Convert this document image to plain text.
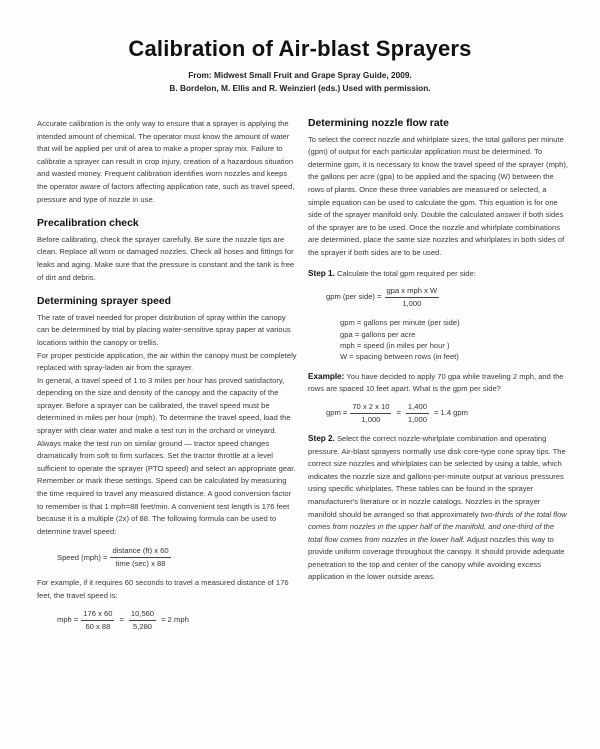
Calibration of Air-blast Sprayers
From: Midwest Small Fruit and Grape Spray Guide, 2009.
B. Bordelon, M. Ellis and R. Weinzierl (eds.) Used with permission.

Accurate calibration is the only way to ensure that a sprayer is applying the intended amount of chemical. The operator must know the amount of water that will be applied per unit of area to make a proper spray mix. Failure to calibrate a sprayer can result in crop injury, creation of a hazardous situation and wasted money. Frequent calibration identifies worn nozzles and keeps the operator aware of factors affecting application rate, such as travel speed, pressure and type of nozzle in use.

Precalibration check

Before calibrating, check the sprayer carefully. Be sure the nozzle tips are clean. Replace all worn or damaged nozzles. Check all hoses and fittings for leaks and aging. Make sure that the pressure is constant and the tank is free of dirt and debris.

Determining sprayer speed

The rate of travel needed for proper distribution of spray within the canopy can be determined by trial by placing water-sensitive spray paper at various locations within the canopy or trellis.

For proper pesticide application, the air within the canopy must be completely replaced with spray-laden air from the sprayer.

In general, a travel speed of 1 to 3 miles per hour has proved satisfactory, depending on the size and density of the canopy and the capacity of the sprayer. Before a sprayer can be calibrated, the travel speed must be determined in miles per hour (mph). To determine the travel speed, load the sprayer with clear water and make a test run in the orchard or vineyard. Always make the test run on similar ground — tractor speed changes dramatically from soft to firm surfaces. Set the tractor throttle at a level sufficient to operate the sprayer (PTO speed) and select an appropriate gear. Remember or mark these settings. Speed can be calculated by measuring the time required to travel any measured distance. A good conversion factor to remember is that 1 mph=88 feet/min. A convenient test length is 176 feet because it is a multiple (2x) of 88. The following formula can be used to determine travel speed:

Speed $(mph) = \frac{\text{distance (ft) x 60}}{\text{time (sec) x 88}}$

For example, if it requires 60 seconds to travel a measured distance of 176 feet, the travel speed is:

mph = $\frac{176 x 60}{60 x 88} = \frac{10,560}{5,280} = 2$ mph
Determining nozzle flow rate

To select the correct nozzle and whirlplate sizes, the total gallons per minute (gpm) of output for each particular application must be determined. To determine gpm, it is necessary to know the travel speed of the sprayer (mph), the gallons per acre (gpa) to be applied and the spacing (W) between the rows of plants. Once these three variables are measured or selected, a simple equation can be used to calculate the gpm. This equation is for one side of the sprayer manifold only. Double the calculated answer if both sides of the sprayer are to be used. Once the nozzle and whirlplate combinations are determined, place the same size nozzles and whirlplates in both sides of the sprayer if both sides are to be used.

Step 1. Calculate the total gpm required per side:

gpm (per side) = $\frac{\text{gpa x mph x W}}{1,000}$
gpm = gallons per minute (per side)
gpa = gallons per acre
mph = speed (in miles per hour )
W = spacing between rows (in feet)

Example: You have decided to apply 70 gpa while traveling 2 mph, and the rows are spaced 10 feet apart. What is the gpm per side?

gpm = $\frac{70 x 2 x 10}{1,000} = \frac{1,400}{1,000} = 1.4$ gpm

Step 2. Select the correct nozzle-whirlplate combination and operating pressure. Air-blast sprayers normally use disk-core-type cone spray tips. The correct size nozzles and whirlplates can be selected by using a table, which indicates the nozzle size and gallons-per-minute output at various pressures using specific whirlplates. These tables can be found in the sprayer manufacturer's literature or in nozzle catalogs. Nozzles in the sprayer manifold should be arranged so that approximately two-thirds of the total flow comes from nozzles in the upper half of the manifold, and one-third of the total flow comes from nozzles in the lower half. Adjust nozzles this way to provide uniform coverage throughout the canopy. It should provide adequate penetration to the top and center of the canopy while avoiding excess application in the lower outside areas.
